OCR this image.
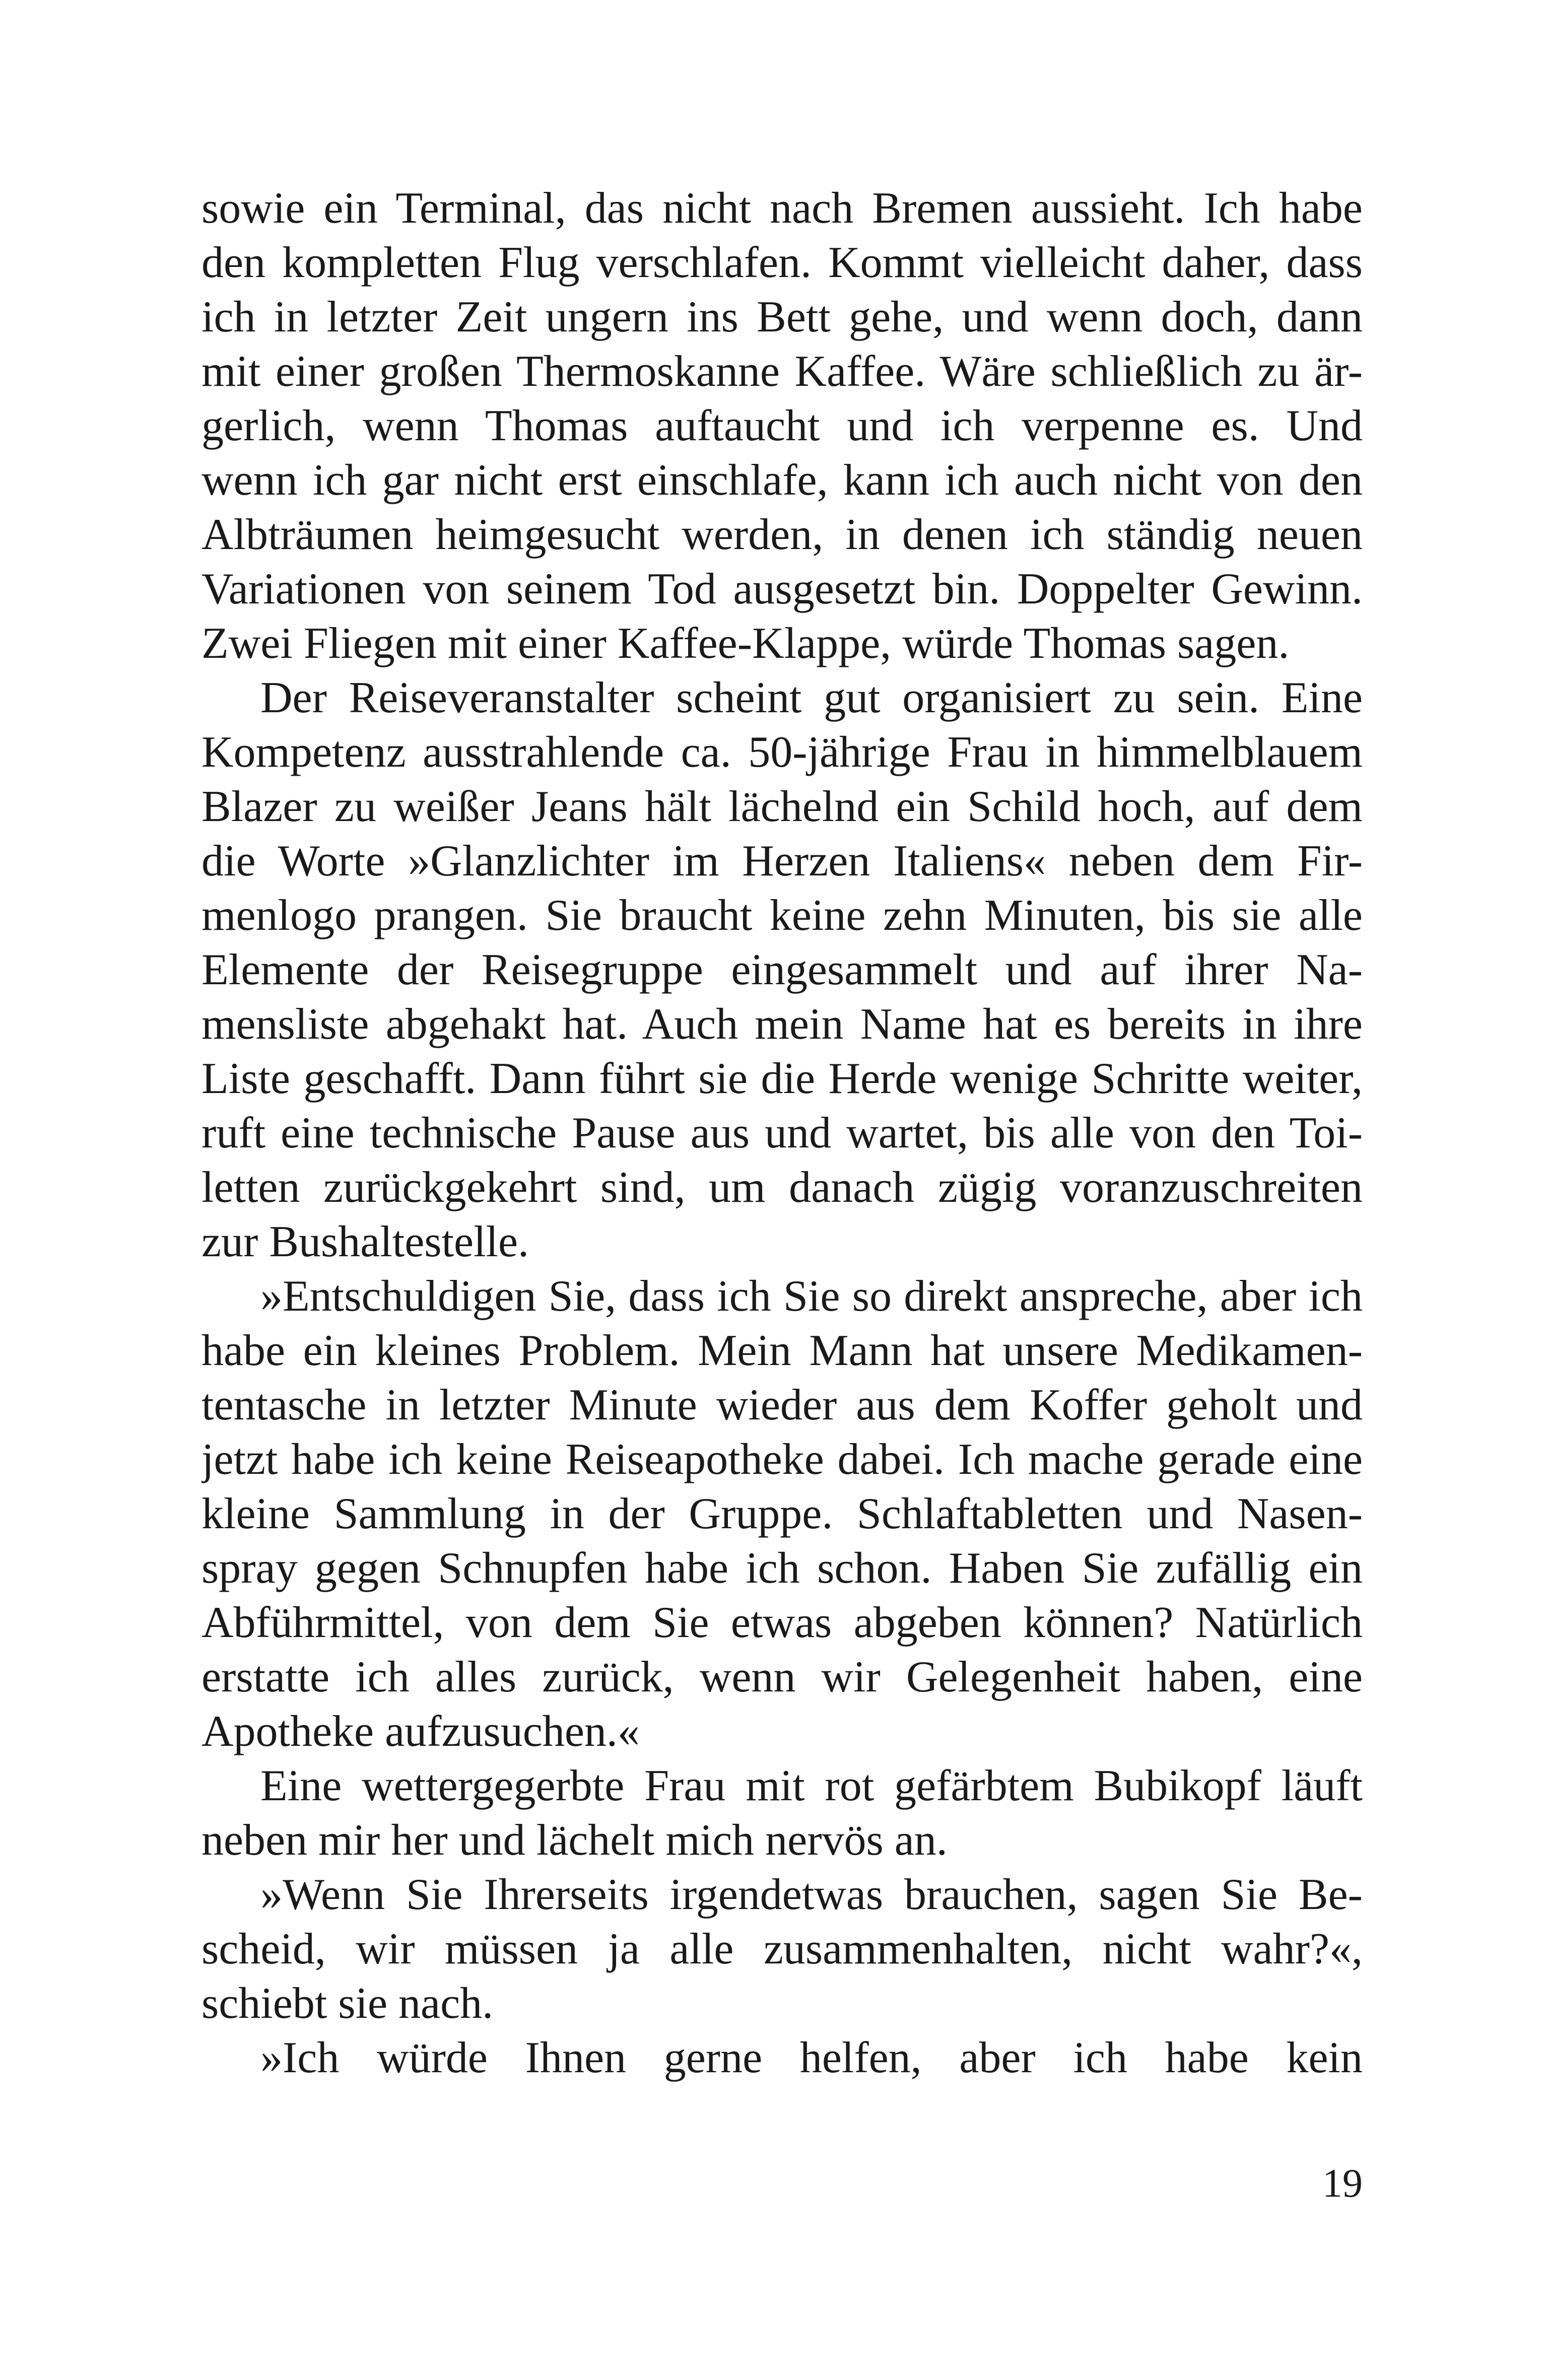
sowie ein Terminal, das nicht nach Bremen aussieht. Ich habe
den kompletten Flug verschlafen. Kommt vielleicht daher, dass
ich in letzter Zeit ungern ins Bett gehe, und wenn doch, dann
mit einer großen Thermoskanne Kaffee. Wäre schließlich zu är-
gerlich, wenn Thomas auftaucht und ich verpenne es. Und
wenn ich gar nicht erst einschlafe, kann ich auch nicht von den
Albträumen heimgesucht werden, in denen ich ständig neuen
Variationen von seinem Tod ausgesetzt bin. Doppelter Gewinn.
Zwei Fliegen mit einer Kaffee-Klappe, würde Thomas sagen.
Der Reiseveranstalter scheint gut organisiert zu sein. Eine
Kompetenz ausstrahlende ca. 50-jährige Frau in himmelblauem
Blazer zu weißer Jeans hält lächelnd ein Schild hoch, auf dem
die Worte »Glanzlichter im Herzen Italiens« neben dem Fir-
menlogo prangen. Sie braucht keine zehn Minuten, bis sie alle
Elemente der Reisegruppe eingesammelt und auf ihrer Na-
mensliste abgehakt hat. Auch mein Name hat es bereits in ihre
Liste geschafft. Dann führt sie die Herde wenige Schritte weiter,
ruft eine technische Pause aus und wartet, bis alle von den Toi-
letten zurückgekehrt sind, um danach zügig voranzuschreiten
zur Bushaltestelle.
»Entschuldigen Sie, dass ich Sie so direkt anspreche, aber ich
habe ein kleines Problem. Mein Mann hat unsere Medikamen-
tentasche in letzter Minute wieder aus dem Koffer geholt und
jetzt habe ich keine Reiseapotheke dabei. Ich mache gerade eine
kleine Sammlung in der Gruppe. Schlaftabletten und Nasen-
spray gegen Schnupfen habe ich schon. Haben Sie zufällig ein
Abführmittel, von dem Sie etwas abgeben können? Natürlich
erstatte ich alles zurück, wenn wir Gelegenheit haben, eine
Apotheke aufzusuchen.«
Eine wettergegerbte Frau mit rot gefärbtem Bubikopf läuft
neben mir her und lächelt mich nervös an.
»Wenn Sie Ihrerseits irgendetwas brauchen, sagen Sie Be-
scheid, wir müssen ja alle zusammenhalten, nicht wahr?«,
schiebt sie nach.
»Ich würde Ihnen gerne helfen, aber ich habe kein
19
